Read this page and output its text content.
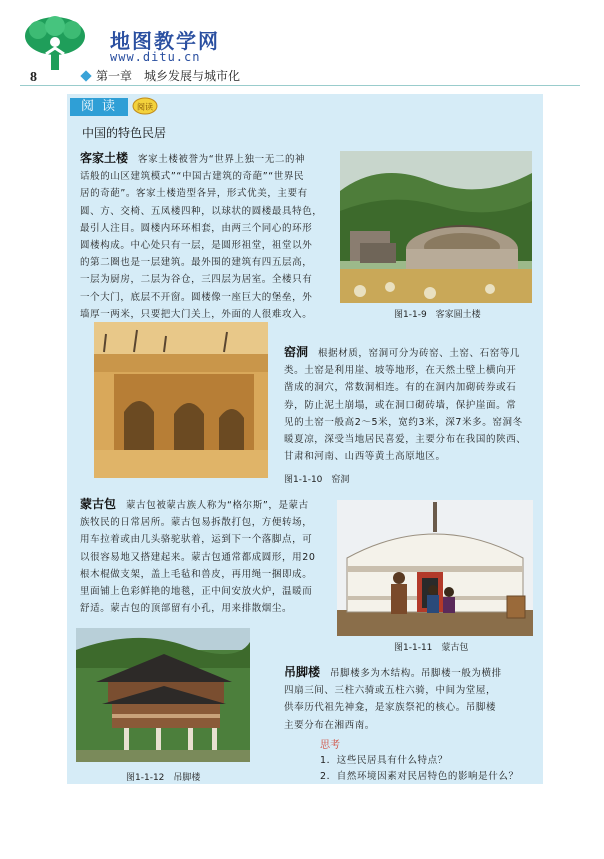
地图教学网
www.ditu.cn
8	第一章　城乡发展与城市化
阅读	阅读
中国的特色民居
客家土楼 客家土楼被誉为“世界上独一无二的神
话般的山区建筑模式”“中国古建筑的奇葩”“世界民
居的奇葩”。客家土楼造型各异，形式优美，主要有
圆、方、交椅、五凤楼四种，以球状的圆楼最具特色，
最引人注目。圆楼内环环相套，由两三个同心的环形
圆楼构成。中心处只有一层，是圆形祖堂，祖堂以外
的第二圈也是一层建筑。最外围的建筑有四五层高，
一层为厨房，二层为谷仓，三四层为居室。全楼只有
一个大门，底层不开窗。圆楼像一座巨大的堡垒，外
墙厚一两米，只要把大门关上，外面的人很难攻入。	图1-1-9　客家圆土楼
窑洞 根据材质，窑洞可分为砖窑、土窑、石窑等几
类。土窑是利用崖、坡等地形，在天然土壁上横向开
凿成的洞穴，常数洞相连。有的在洞内加砌砖券或石
券，防止泥土崩塌，或在洞口砌砖墙，保护崖面。常
见的土窑一般高2～5米，宽约3米，深7米多。窑洞冬
暖夏凉，深受当地居民喜爱，主要分布在我国的陕西、
甘肃和河南、山西等黄土高原地区。
图1-1-10　窑洞
蒙古包 蒙古包被蒙古族人称为“格尔斯”，是蒙古
族牧民的日常居所。蒙古包易拆散打包，方便转场，
用车拉着或由几头骆驼驮着，运到下一个落脚点，可
以很容易地又搭建起来。蒙古包通常都成圆形，用20
根木棍做支架，盖上毛毡和兽皮，再用绳一捆即成。
里面铺上色彩鲜艳的地毯，正中间安放火炉，温暖而
舒适。蒙古包的顶部留有小孔，用来排散烟尘。
图1-1-11　蒙古包
图1-1-12　吊脚楼
吊脚楼 吊脚楼多为木结构。吊脚楼一般为横排
四扇三间、三柱六骑或五柱六骑，中间为堂屋，
供奉历代祖先神龛，是家族祭祀的核心。吊脚楼
主要分布在湘西南。
思考
1．这些民居具有什么特点？
2．自然环境因素对民居特色的影响是什么？
